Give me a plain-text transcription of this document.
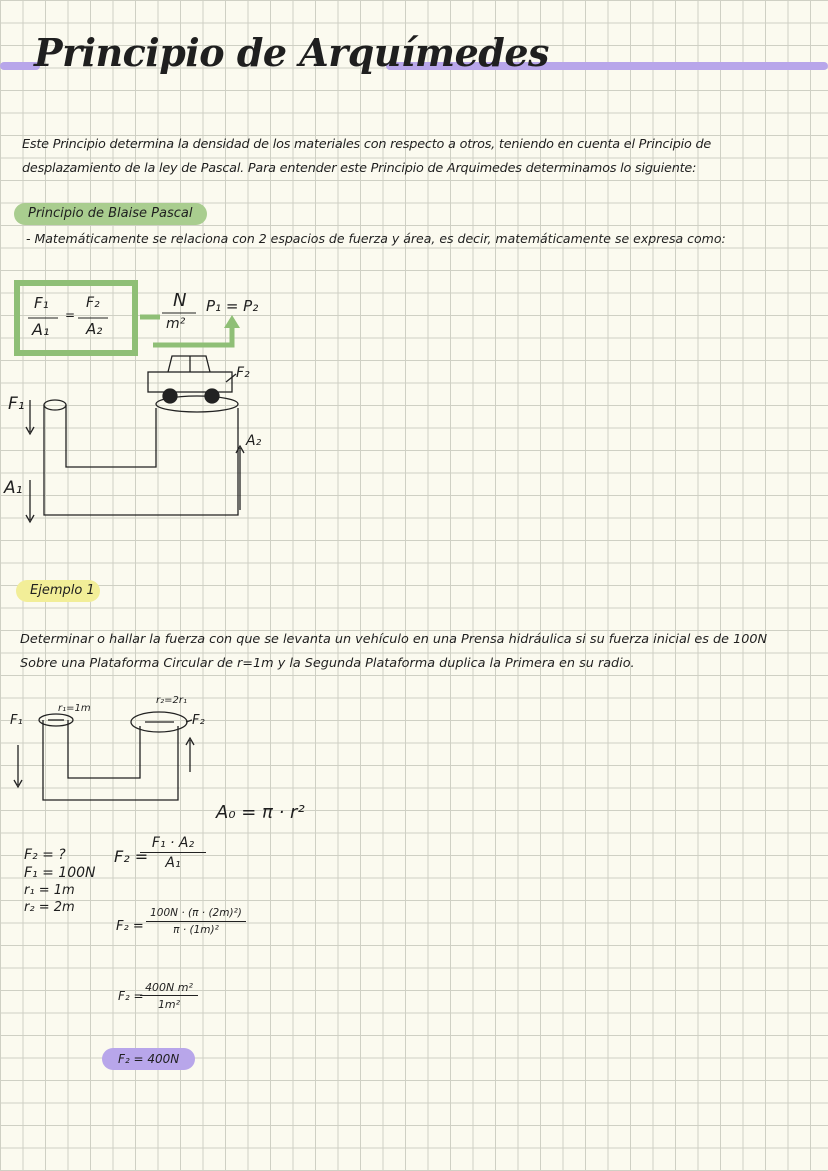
Principio de Arquímedes

Este Principio determina la densidad de los materiales con respecto a otros, teniendo en cuenta el Principio de desplazamiento de la ley de Pascal. Para entender este Principio de Arquimedes determinamos lo siguiente:

Principio de Blaise Pascal

- Matemáticamente se relaciona con 2 espacios de fuerza y área, es decir, matemáticamente se expresa como:

F₁
A₁
=
F₂
A₂
N
m²
P₁ = P₂
F₁
A₁
F₂
A₂
Ejemplo 1

Determinar o hallar la fuerza con que se levanta un vehículo en una Prensa hidráulica si su fuerza inicial es de 100N Sobre una Plataforma Circular de r=1m y la Segunda Plataforma duplica la Primera en su radio.

r₁=1m
r₂=2r₁
F₁	F₂
A₀ = π · r²
F₂ = ?
F₁ = 100N
r₁ = 1m
r₂ = 2m
F₂ =
$\frac{\text{F₁ · A₂}}{\text{A₁}}$
$F_2 = \frac{\text{100N · (π · (2m)²)}}{\text{π · (1m)²}}$
F₂ =
$\frac{\text{400N m²}}{\text{1m²}}$
F₂ = 400N
